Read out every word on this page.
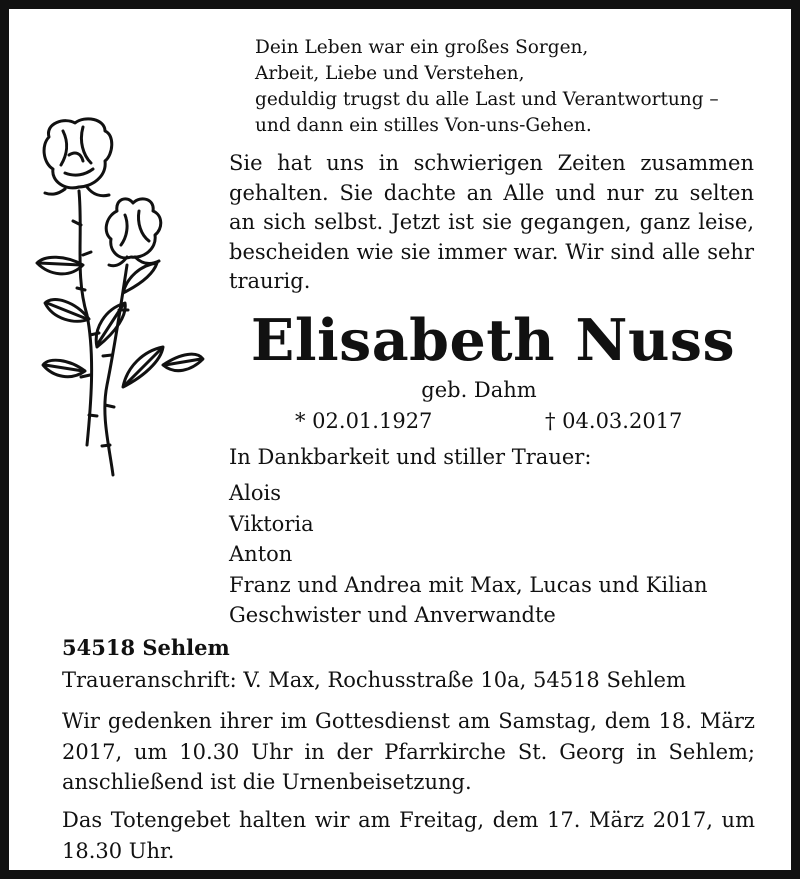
Dein Leben war ein großes Sorgen,
Arbeit, Liebe und Verstehen,
geduldig trugst du alle Last und Verantwortung –
und dann ein stilles Von-uns-Gehen.
Sie hat uns in schwierigen Zeiten zusammen gehalten. Sie dachte an Alle und nur zu selten an sich selbst. Jetzt ist sie gegangen, ganz leise, bescheiden wie sie immer war. Wir sind alle sehr traurig.
Elisabeth Nuss
geb. Dahm
* 02.01.1927	† 04.03.2017
In Dankbarkeit und stiller Trauer:
Alois
Viktoria
Anton
Franz und Andrea mit Max, Lucas und Kilian
Geschwister und Anverwandte
54518 Sehlem
Traueranschrift: V. Max, Rochusstraße 10a, 54518 Sehlem
Wir gedenken ihrer im Gottesdienst am Samstag, dem 18. März 2017, um 10.30 Uhr in der Pfarrkirche St. Georg in Sehlem; anschließend ist die Urnenbeisetzung.
Das Totengebet halten wir am Freitag, dem 17. März 2017, um 18.30 Uhr.
